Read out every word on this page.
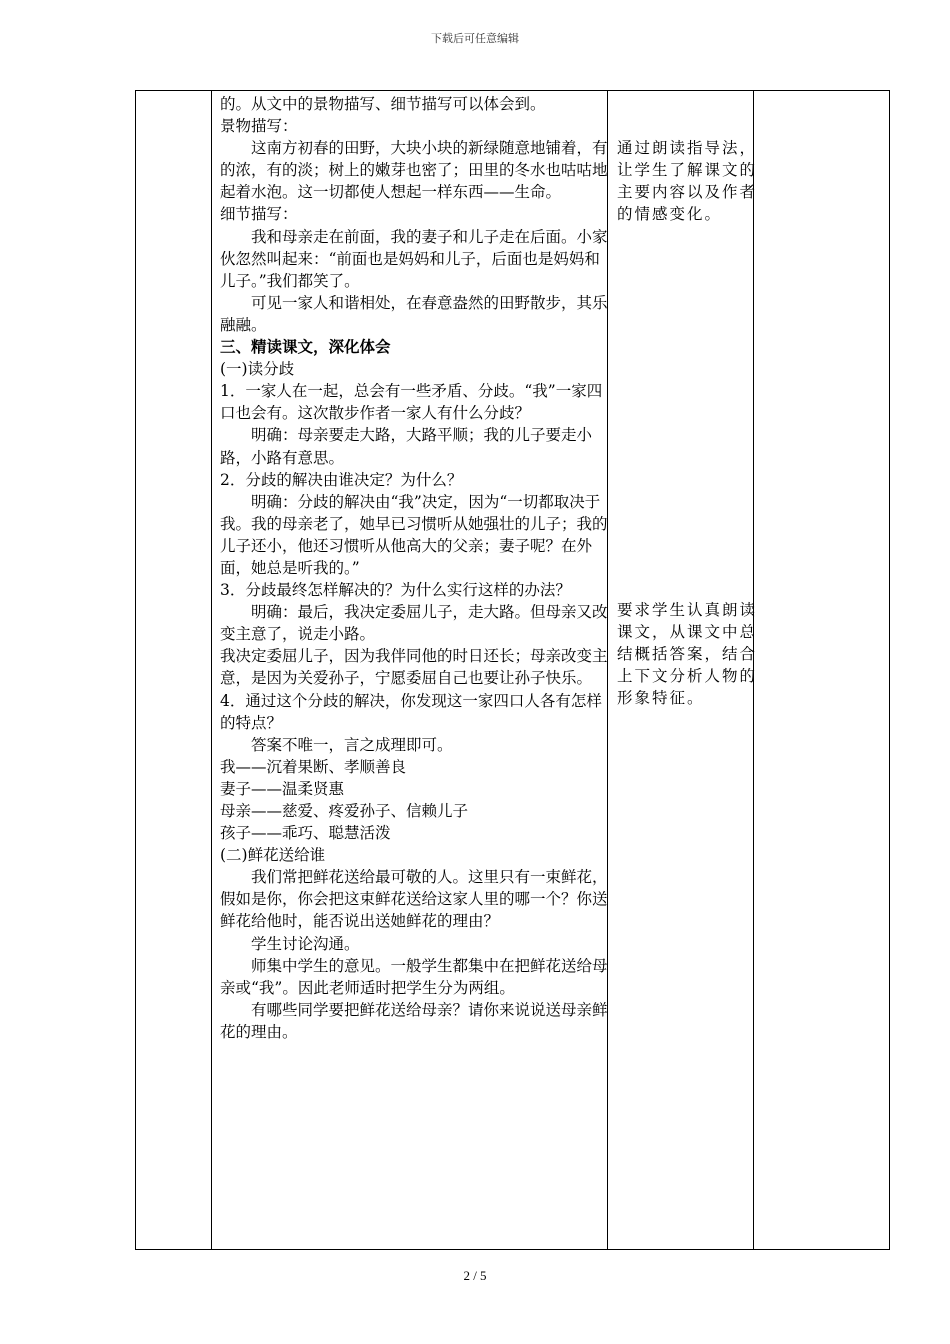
下载后可任意编辑

的。从文中的景物描写、细节描写可以体会到。

景物描写：

这南方初春的田野，大块小块的新绿随意地铺着，有的浓，有的淡；树上的嫩芽也密了；田里的冬水也咕咕地起着水泡。这一切都使人想起一样东西——生命。

细节描写：

我和母亲走在前面，我的妻子和儿子走在后面。小家伙忽然叫起来：“前面也是妈妈和儿子，后面也是妈妈和儿子。”我们都笑了。

可见一家人和谐相处，在春意盎然的田野散步，其乐融融。

三、精读课文，深化体会

(一)读分歧

1．一家人在一起，总会有一些矛盾、分歧。“我”一家四口也会有。这次散步作者一家人有什么分歧？

明确：母亲要走大路，大路平顺；我的儿子要走小路，小路有意思。

2．分歧的解决由谁决定？为什么？

明确：分歧的解决由“我”决定，因为“一切都取决于我。我的母亲老了，她早已习惯听从她强壮的儿子；我的儿子还小，他还习惯听从他高大的父亲；妻子呢？在外面，她总是听我的。”

3．分歧最终怎样解决的？为什么实行这样的办法？

明确：最后，我决定委屈儿子，走大路。但母亲又改变主意了，说走小路。

我决定委屈儿子，因为我伴同他的时日还长；母亲改变主意，是因为关爱孙子，宁愿委屈自己也要让孙子快乐。

4．通过这个分歧的解决，你发现这一家四口人各有怎样的特点？

答案不唯一，言之成理即可。

我——沉着果断、孝顺善良

妻子——温柔贤惠

母亲——慈爱、疼爱孙子、信赖儿子

孩子——乖巧、聪慧活泼

(二)鲜花送给谁

我们常把鲜花送给最可敬的人。这里只有一束鲜花，假如是你，你会把这束鲜花送给这家人里的哪一个？你送鲜花给他时，能否说出送她鲜花的理由？

学生讨论沟通。

师集中学生的意见。一般学生都集中在把鲜花送给母亲或“我”。因此老师适时把学生分为两组。

有哪些同学要把鲜花送给母亲？请你来说说送母亲鲜花的理由。

通过朗读指导法，让学生了解课文的主要内容以及作者的情感变化。
要求学生认真朗读课文，从课文中总结概括答案，结合上下文分析人物的形象特征。
2 / 5
